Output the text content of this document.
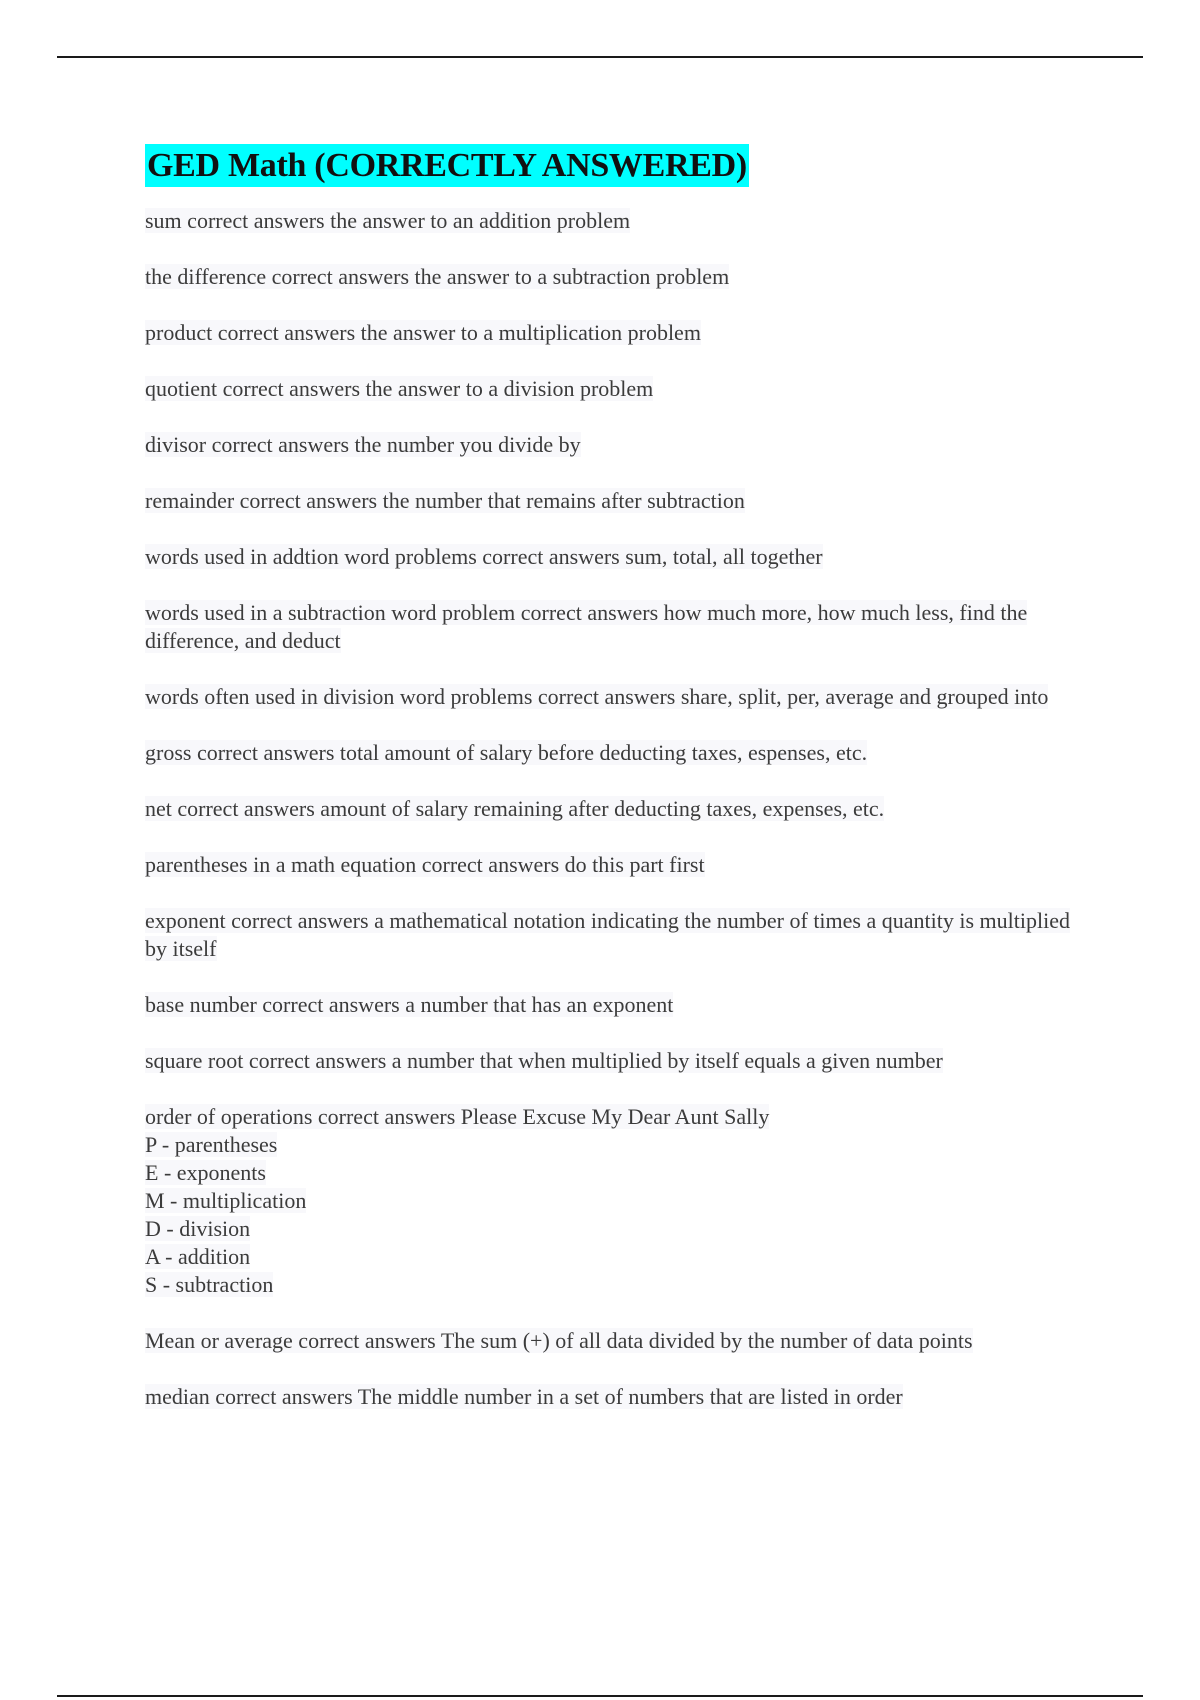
GED Math (CORRECTLY ANSWERED)

sum correct answers the answer to an addition problem

the difference correct answers the answer to a subtraction problem

product correct answers the answer to a multiplication problem

quotient correct answers the answer to a division problem

divisor correct answers the number you divide by

remainder correct answers the number that remains after subtraction

words used in addtion word problems correct answers sum, total, all together

words used in a subtraction word problem correct answers how much more, how much less, find the difference, and deduct

words often used in division word problems correct answers share, split, per, average and grouped into

gross correct answers total amount of salary before deducting taxes, espenses, etc.

net correct answers amount of salary remaining after deducting taxes, expenses, etc.

parentheses in a math equation correct answers do this part first

exponent correct answers a mathematical notation indicating the number of times a quantity is multiplied by itself

base number correct answers a number that has an exponent

square root correct answers a number that when multiplied by itself equals a given number

order of operations correct answers Please Excuse My Dear Aunt Sally
P - parentheses
E - exponents
M - multiplication
D - division
A - addition
S - subtraction

Mean or average correct answers The sum (+) of all data divided by the number of data points

median correct answers The middle number in a set of numbers that are listed in order
